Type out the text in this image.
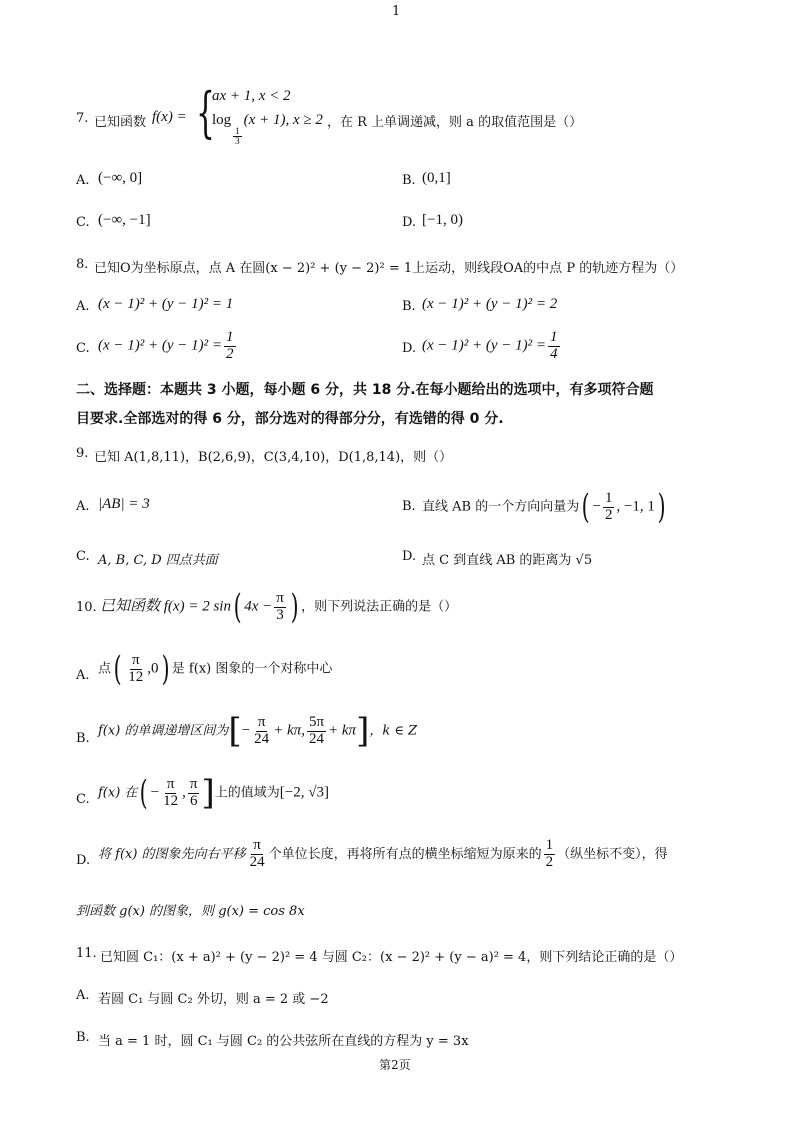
1
7. 已知函数 f(x) = {
ax + 1, x < 2
log
$\frac{1}{3}$
(x + 1), x ≥ 2 ，在 R 上单调递减，则 a 的取值范围是（）
A. (−∞, 0]	B. (0,1]
C. (−∞, −1]	D. [−1, 0)
8. 已知O为坐标原点，点 A 在圆(x − 2)² + (y − 2)² = 1上运动，则线段OA的中点 P 的轨迹方程为（）
A. (x − 1)² + (y − 1)² = 1	B. (x − 1)² + (y − 1)² = 2
C. $(x - 1)^2 + (y - 1)^2 = \frac{1}{2}$	D. $(x - 1)^2 + (y - 1)^2 = \frac{1}{4}$
二、选择题：本题共 3 小题，每小题 6 分，共 18 分.在每小题给出的选项中，有多项符合题
目要求.全部选对的得 6 分，部分选对的得部分分，有选错的得 0 分.
9. 已知 A(1,8,11)，B(2,6,9)，C(3,4,10)，D(1,8,14)，则（）
A. |AB| = 3	B. 直线 AB 的一个方向向量为( − $\frac{1}{2}$ , −1, 1)
C. A, B, C, D 四点共面	D. 点 C 到直线 AB 的距离为 √5
10. 已知函数 f(x) = 2 sin( $4x - \frac{\pi}{3}$ ) ，则下列说法正确的是（）
A. 点( $\frac{\pi}{12} ,0$) 是 f(x) 图象的一个对称中心
B. f(x) 的单调递增区间为[− $\frac{\pi}{24} + k\pi$, $\frac{5\pi}{24} + k\pi$]，k ∈ Z
C. f(x) 在( − $\frac{\pi}{12}$ , $\frac{\pi}{6}$ ]上的值域为[−2, √3]
D. 将 f(x) 的图象先向右平移 $\frac{\pi}{24}$ 个单位长度，再将所有点的横坐标缩短为原来的 $\frac{1}{2}$ （纵坐标不变），得
到函数 g(x) 的图象，则 g(x) = cos 8x
11. 已知圆 C₁：(x + a)² + (y − 2)² = 4 与圆 C₂：(x − 2)² + (y − a)² = 4，则下列结论正确的是（）
A. 若圆 C₁ 与圆 C₂ 外切，则 a = 2 或 −2
B. 当 a = 1 时，圆 C₁ 与圆 C₂ 的公共弦所在直线的方程为 y = 3x
第2页
